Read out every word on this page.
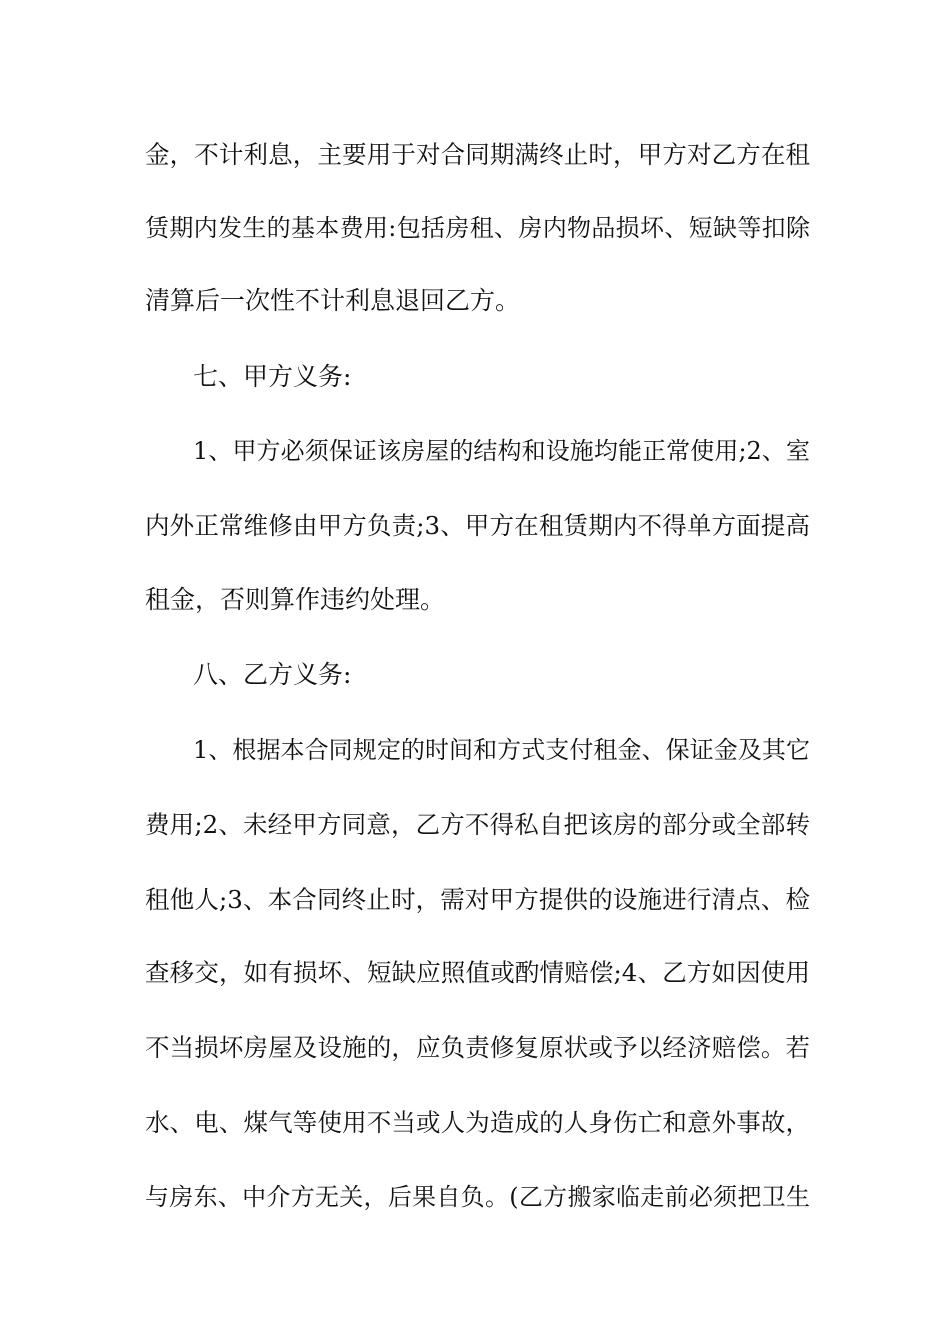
金，不计利息，主要用于对合同期满终止时，甲方对乙方在租
赁期内发生的基本费用:包括房租、房内物品损坏、短缺等扣除
清算后一次性不计利息退回乙方。
七、甲方义务:
1、甲方必须保证该房屋的结构和设施均能正常使用;2、室
内外正常维修由甲方负责;3、甲方在租赁期内不得单方面提高
租金，否则算作违约处理。
八、乙方义务:
1、根据本合同规定的时间和方式支付租金、保证金及其它
费用;2、未经甲方同意，乙方不得私自把该房的部分或全部转
租他人;3、本合同终止时，需对甲方提供的设施进行清点、检
查移交，如有损坏、短缺应照值或酌情赔偿;4、乙方如因使用
不当损坏房屋及设施的，应负责修复原状或予以经济赔偿。若
水、电、煤气等使用不当或人为造成的人身伤亡和意外事故，
与房东、中介方无关，后果自负。(乙方搬家临走前必须把卫生
